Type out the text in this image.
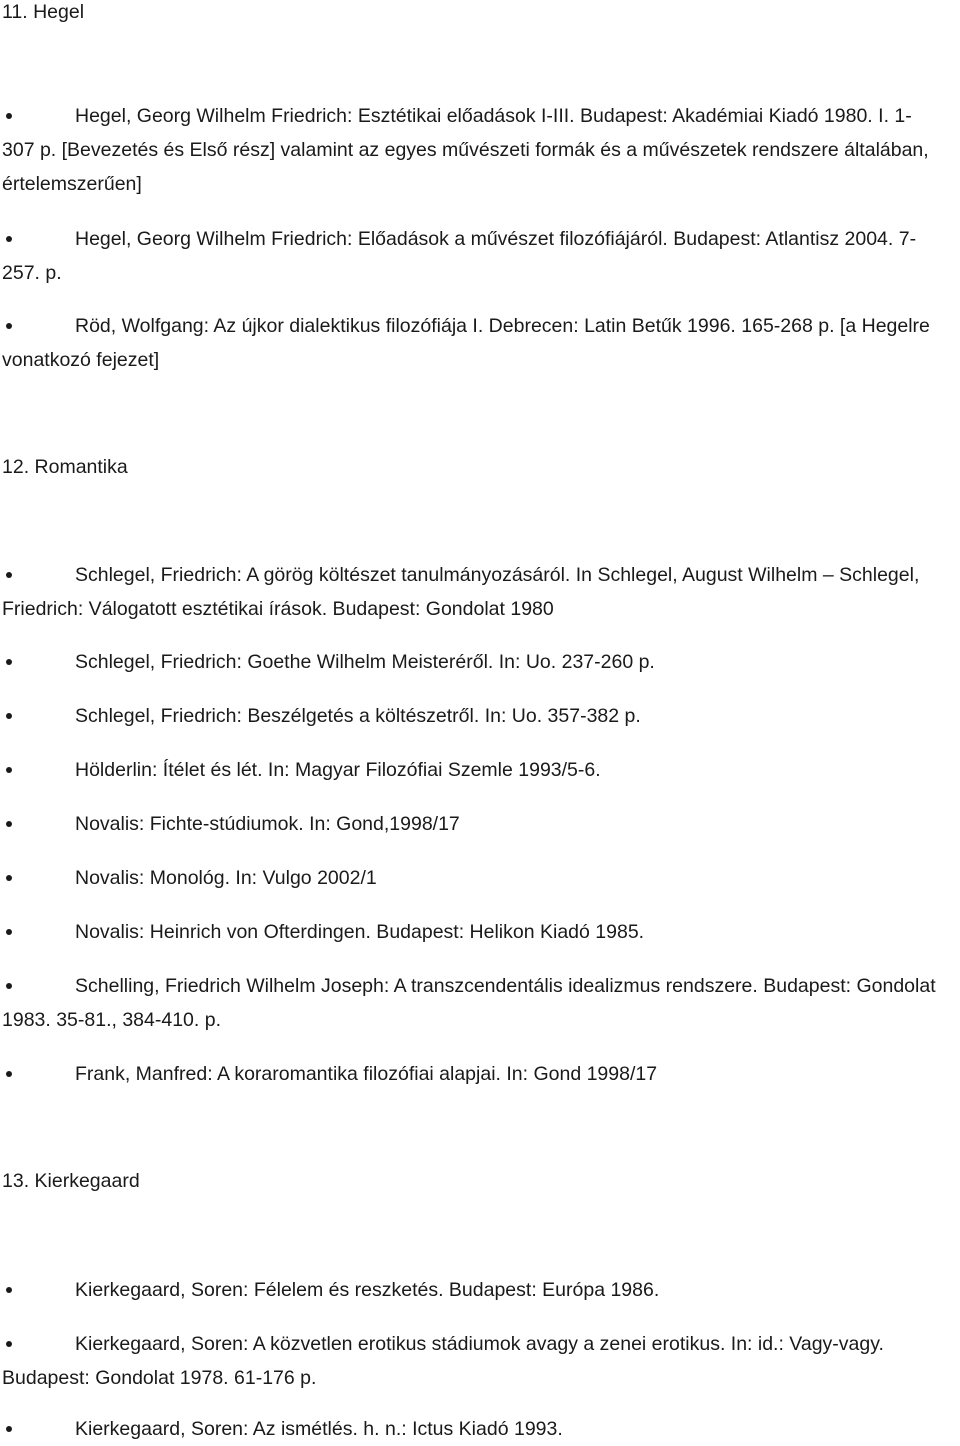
11. Hegel
Hegel, Georg Wilhelm Friedrich: Esztétikai előadások I-III. Budapest: Akadémiai Kiadó 1980. I. 1-307 p. [Bevezetés és Első rész] valamint az egyes művészeti formák és a művészetek rendszere általában, értelemszerűen]
Hegel, Georg Wilhelm Friedrich: Előadások a művészet filozófiájáról. Budapest: Atlantisz 2004. 7-257. p.
Röd, Wolfgang: Az újkor dialektikus filozófiája I. Debrecen: Latin Betűk 1996. 165-268 p. [a Hegelre vonatkozó fejezet]
12. Romantika
Schlegel, Friedrich: A görög költészet tanulmányozásáról. In Schlegel, August Wilhelm – Schlegel, Friedrich: Válogatott esztétikai írások. Budapest: Gondolat 1980
Schlegel, Friedrich: Goethe Wilhelm Meisteréről. In: Uo. 237-260 p.
Schlegel, Friedrich: Beszélgetés a költészetről. In: Uo. 357-382 p.
Hölderlin: Ítélet és lét. In: Magyar Filozófiai Szemle 1993/5-6.
Novalis: Fichte-stúdiumok. In: Gond,1998/17
Novalis: Monológ. In: Vulgo 2002/1
Novalis: Heinrich von Ofterdingen. Budapest: Helikon Kiadó 1985.
Schelling, Friedrich Wilhelm Joseph: A transzcendentális idealizmus rendszere. Budapest: Gondolat 1983. 35-81., 384-410. p.
Frank, Manfred: A koraromantika filozófiai alapjai. In: Gond 1998/17
13. Kierkegaard
Kierkegaard, Soren: Félelem és reszketés. Budapest: Európa 1986.
Kierkegaard, Soren: A közvetlen erotikus stádiumok avagy a zenei erotikus. In: id.: Vagy-vagy. Budapest: Gondolat 1978. 61-176 p.
Kierkegaard, Soren: Az ismétlés. h. n.: Ictus Kiadó 1993.
